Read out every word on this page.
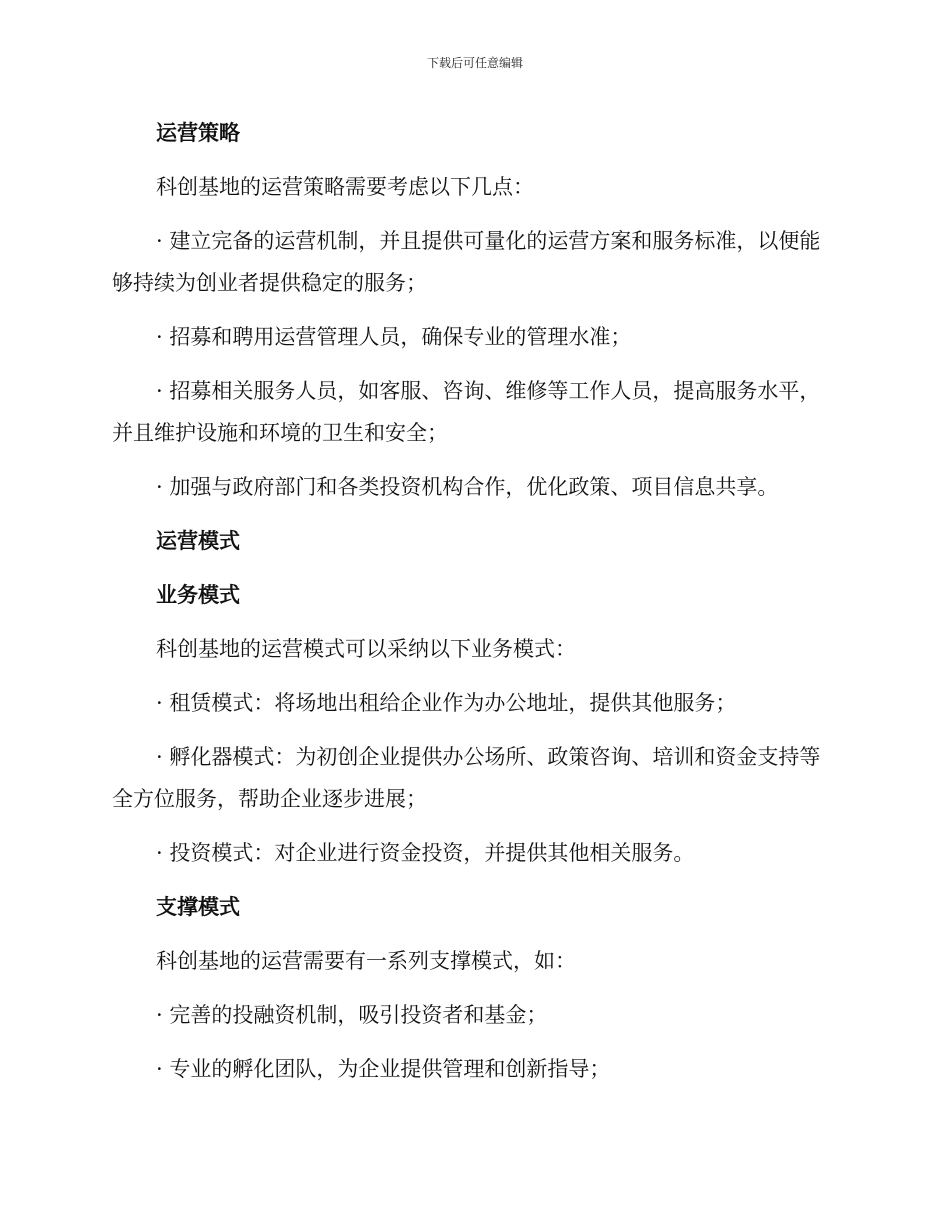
下载后可任意编辑
运营策略
科创基地的运营策略需要考虑以下几点：
· 建立完备的运营机制，并且提供可量化的运营方案和服务标准，以便能够持续为创业者提供稳定的服务；
· 招募和聘用运营管理人员，确保专业的管理水准；
· 招募相关服务人员，如客服、咨询、维修等工作人员，提高服务水平，并且维护设施和环境的卫生和安全；
· 加强与政府部门和各类投资机构合作，优化政策、项目信息共享。
运营模式
业务模式
科创基地的运营模式可以采纳以下业务模式：
· 租赁模式：将场地出租给企业作为办公地址，提供其他服务；
· 孵化器模式：为初创企业提供办公场所、政策咨询、培训和资金支持等全方位服务，帮助企业逐步进展；
· 投资模式：对企业进行资金投资，并提供其他相关服务。
支撑模式
科创基地的运营需要有一系列支撑模式，如：
· 完善的投融资机制，吸引投资者和基金；
· 专业的孵化团队，为企业提供管理和创新指导；
